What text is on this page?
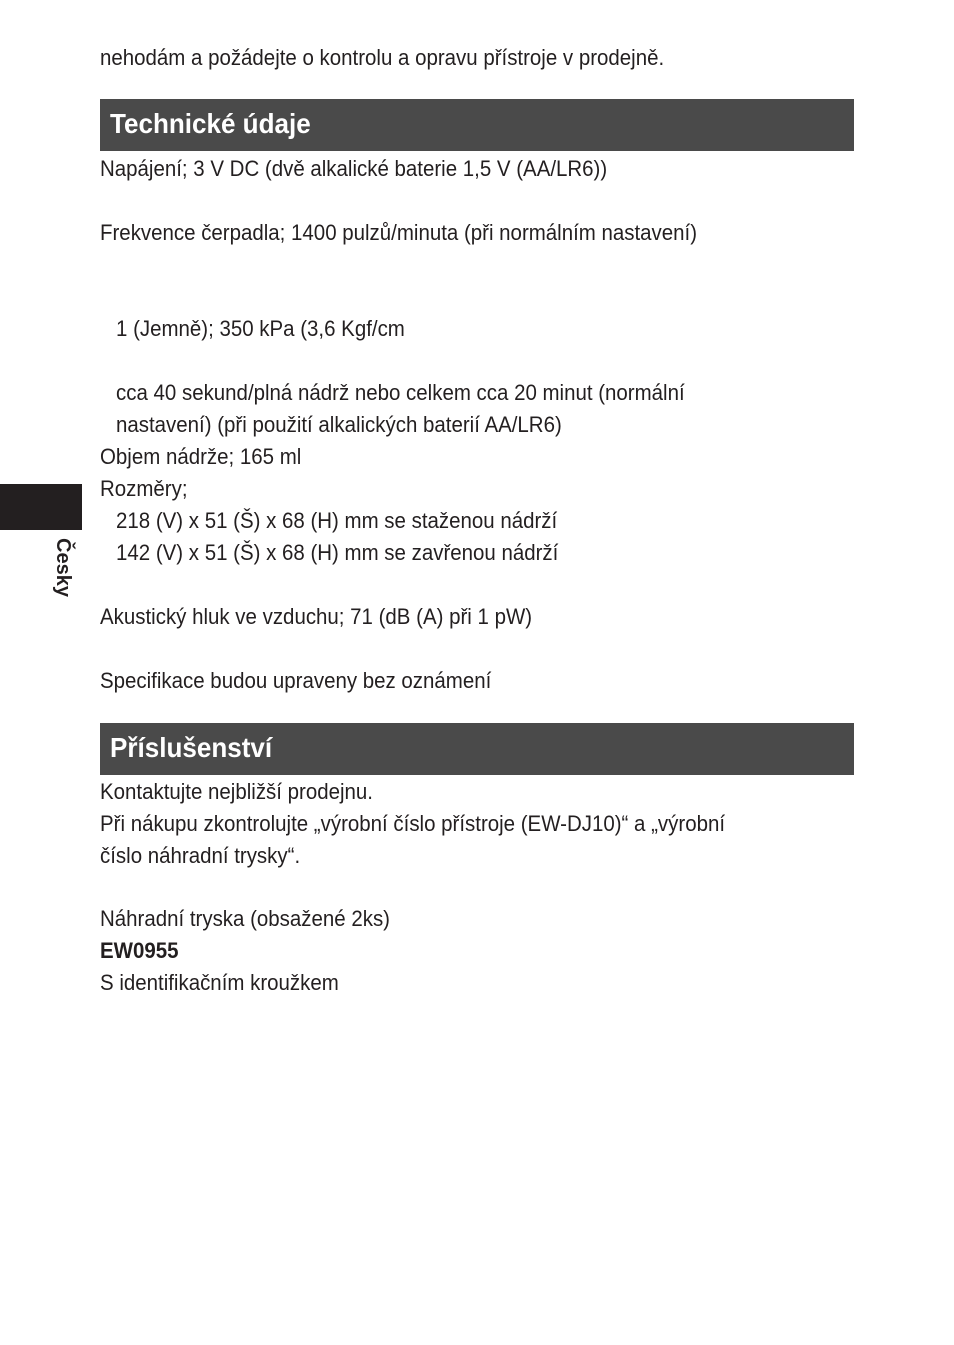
nehodám a požádejte o kontrolu a opravu přístroje v prodejně.
Technické údaje
Napájení; 3 V DC (dvě alkalické baterie 1,5 V (AA/LR6))
Frekvence čerpadla; 1400 pulzů/minuta (při normálním nastavení)
1 (Jemně); 350 kPa (3,6 Kgf/cm
cca 40 sekund/plná nádrž nebo celkem cca 20 minut (normální
nastavení) (při použití alkalických baterií AA/LR6)
Objem nádrže; 165 ml
Rozměry;
218 (V) x 51 (Š) x 68 (H) mm se staženou nádrží
142 (V) x 51 (Š) x 68 (H) mm se zavřenou nádrží
Akustický hluk ve vzduchu; 71 (dB (A) při 1 pW)
Specifikace budou upraveny bez oznámení
Příslušenství
Kontaktujte nejbližší prodejnu.
Při nákupu zkontrolujte „výrobní číslo přístroje (EW-DJ10)“ a „výrobní
číslo náhradní trysky“.
Náhradní tryska (obsažené 2ks)
EW0955
S identifikačním kroužkem
Česky
